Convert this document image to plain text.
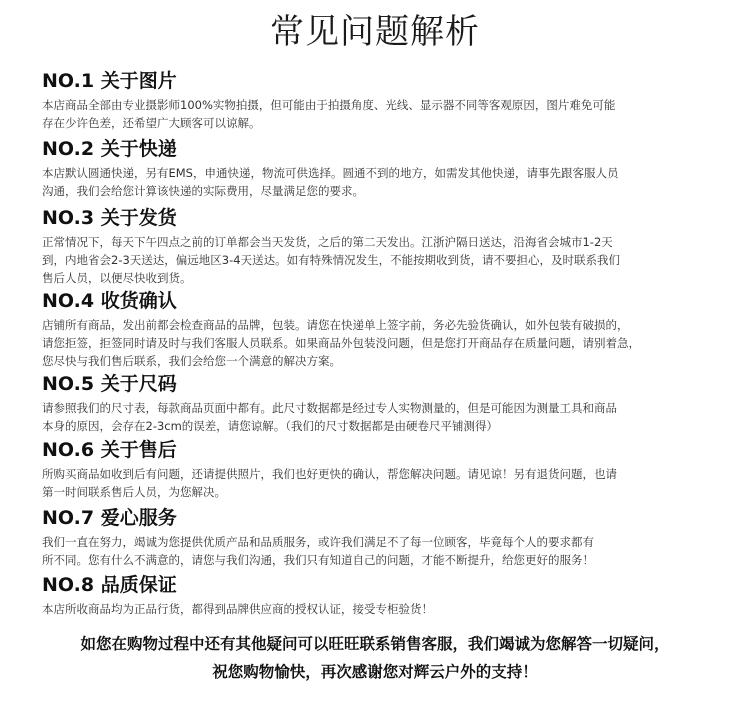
常见问题解析
NO.1 关于图片
本店商品全部由专业摄影师100%实物拍摄，但可能由于拍摄角度、光线、显示器不同等客观原因，图片难免可能
存在少许色差，还希望广大顾客可以谅解。
NO.2 关于快递
本店默认圆通快递，另有EMS，申通快递，物流可供选择。圆通不到的地方，如需发其他快递，请事先跟客服人员
沟通，我们会给您计算该快递的实际费用，尽量满足您的要求。
NO.3 关于发货
正常情况下，每天下午四点之前的订单都会当天发货，之后的第二天发出。江浙沪隔日送达，沿海省会城市1-2天
到，内地省会2-3天送达，偏远地区3-4天送达。如有特殊情况发生，不能按期收到货，请不要担心，及时联系我们
售后人员，以便尽快收到货。
NO.4 收货确认
店铺所有商品，发出前都会检查商品的品牌，包装。请您在快递单上签字前，务必先验货确认，如外包装有破损的，
请您拒签，拒签同时请及时与我们客服人员联系。如果商品外包装没问题，但是您打开商品存在质量问题，请别着急，
您尽快与我们售后联系，我们会给您一个满意的解决方案。
NO.5 关于尺码
请参照我们的尺寸表，每款商品页面中都有。此尺寸数据都是经过专人实物测量的，但是可能因为测量工具和商品
本身的原因，会存在2-3cm的误差，请您谅解。（我们的尺寸数据都是由硬卷尺平铺测得）
NO.6 关于售后
所购买商品如收到后有问题，还请提供照片，我们也好更快的确认，帮您解决问题。请见谅！另有退货问题，也请
第一时间联系售后人员，为您解决。
NO.7 爱心服务
我们一直在努力，竭诚为您提供优质产品和品质服务，或许我们满足不了每一位顾客，毕竟每个人的要求都有
所不同。您有什么不满意的，请您与我们沟通，我们只有知道自己的问题，才能不断提升，给您更好的服务！
NO.8 品质保证
本店所收商品均为正品行货，都得到品牌供应商的授权认证，接受专柜验货！
如您在购物过程中还有其他疑问可以旺旺联系销售客服，我们竭诚为您解答一切疑问，
祝您购物愉快，再次感谢您对辉云户外的支持！
